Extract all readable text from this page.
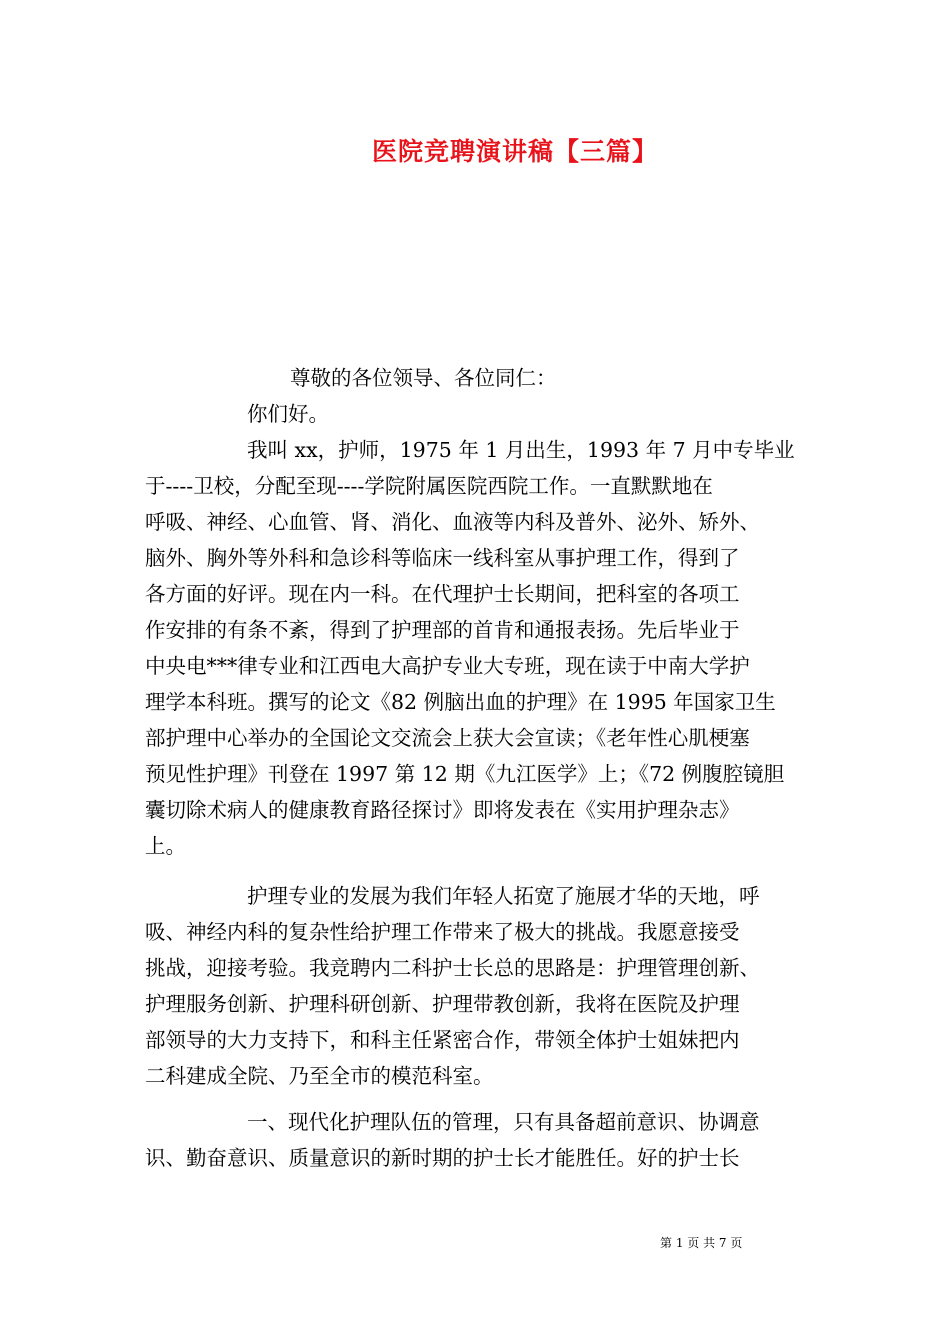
医院竞聘演讲稿【三篇】
尊敬的各位领导、各位同仁：
你们好。
我叫 xx，护师，1975 年 1 月出生，1993 年 7 月中专毕业
于----卫校，分配至现----学院附属医院西院工作。一直默默地在
呼吸、神经、心血管、肾、消化、血液等内科及普外、泌外、矫外、
脑外、胸外等外科和急诊科等临床一线科室从事护理工作，得到了
各方面的好评。现在内一科。在代理护士长期间，把科室的各项工
作安排的有条不紊，得到了护理部的首肯和通报表扬。先后毕业于
中央电***律专业和江西电大高护专业大专班，现在读于中南大学护
理学本科班。撰写的论文《82 例脑出血的护理》在 1995 年国家卫生
部护理中心举办的全国论文交流会上获大会宣读；《老年性心肌梗塞
预见性护理》刊登在 1997 第 12 期《九江医学》上；《72 例腹腔镜胆
囊切除术病人的健康教育路径探讨》即将发表在《实用护理杂志》
上。
护理专业的发展为我们年轻人拓宽了施展才华的天地，呼
吸、神经内科的复杂性给护理工作带来了极大的挑战。我愿意接受
挑战，迎接考验。我竞聘内二科护士长总的思路是：护理管理创新、
护理服务创新、护理科研创新、护理带教创新，我将在医院及护理
部领导的大力支持下，和科主任紧密合作，带领全体护士姐妹把内
二科建成全院、乃至全市的模范科室。
一、现代化护理队伍的管理，只有具备超前意识、协调意
识、勤奋意识、质量意识的新时期的护士长才能胜任。好的护士长
第 1 页 共 7 页
